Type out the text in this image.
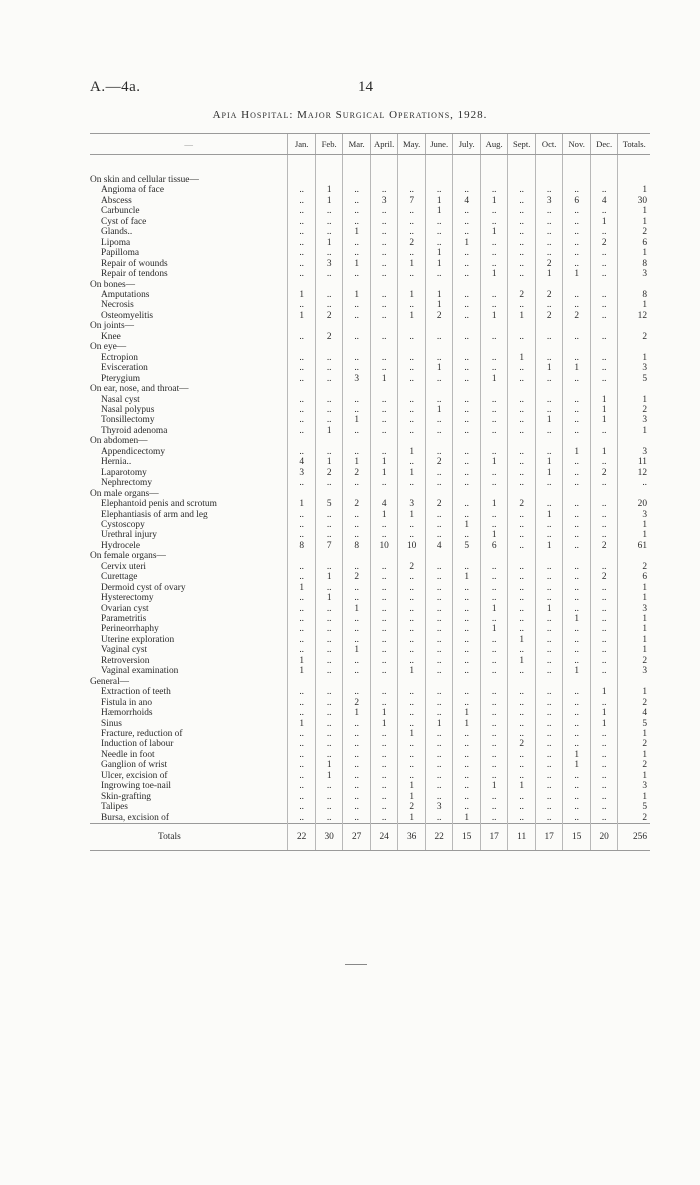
A.—4a.	14
Apia Hospital: Major Surgical Operations, 1928.
—	Jan.	Feb.	Mar.	April.	May.	June.	July.	Aug.	Sept.	Oct.	Nov.	Dec.	Totals.

On skin and cellular tissue—													
Angioma of face	..	1	..	..	..	..	..	..	..	..	..	..	1
Abscess	..	1	..	3	7	1	4	1	..	3	6	4	30
Carbuncle	..	..	..	..	..	1	..	..	..	..	..	..	1
Cyst of face	..	..	..	..	..	..	..	..	..	..	..	1	1
Glands..	..	..	1	..	..	..	..	1	..	..	..	..	2
Lipoma	..	1	..	..	2	..	1	..	..	..	..	2	6
Papilloma	..	..	..	..	..	1	..	..	..	..	..	..	1
Repair of wounds	..	3	1	..	1	1	..	..	..	2	..	..	8
Repair of tendons	..	..	..	..	..	..	..	1	..	1	1	..	3
On bones—													
Amputations	1	..	1	..	1	1	..	..	2	2	..	..	8
Necrosis	..	..	..	..	..	1	..	..	..	..	..	..	1
Osteomyelitis	1	2	..	..	1	2	..	1	1	2	2	..	12
On joints—													
Knee	..	2	..	..	..	..	..	..	..	..	..	..	2
On eye—													
Ectropion	..	..	..	..	..	..	..	..	1	..	..	..	1
Evisceration	..	..	..	..	..	1	..	..	..	1	1	..	3
Pterygium	..	..	3	1	..	..	..	1	..	..	..	..	5
On ear, nose, and throat—													
Nasal cyst	..	..	..	..	..	..	..	..	..	..	..	1	1
Nasal polypus	..	..	..	..	..	1	..	..	..	..	..	1	2
Tonsillectomy	..	..	1	..	..	..	..	..	..	1	..	1	3
Thyroid adenoma	..	1	..	..	..	..	..	..	..	..	..	..	1
On abdomen—													
Appendicectomy	..	..	..	..	1	..	..	..	..	..	1	1	3
Hernia..	4	1	1	1	..	2	..	1	..	1	..	..	11
Laparotomy	3	2	2	1	1	..	..	..	..	1	..	2	12
Nephrectomy	..	..	..	..	..	..	..	..	..	..	..	..	..
On male organs—													
Elephantoid penis and scrotum	1	5	2	4	3	2	..	1	2	..	..	..	20
Elephantiasis of arm and leg	..	..	..	1	1	..	..	..	..	1	..	..	3
Cystoscopy	..	..	..	..	..	..	1	..	..	..	..	..	1
Urethral injury	..	..	..	..	..	..	..	1	..	..	..	..	1
Hydrocele	8	7	8	10	10	4	5	6	..	1	..	2	61
On female organs—													
Cervix uteri	..	..	..	..	2	..	..	..	..	..	..	..	2
Curettage	..	1	2	..	..	..	1	..	..	..	..	2	6
Dermoid cyst of ovary	1	..	..	..	..	..	..	..	..	..	..	..	1
Hysterectomy	..	1	..	..	..	..	..	..	..	..	..	..	1
Ovarian cyst	..	..	1	..	..	..	..	1	..	1	..	..	3
Parametritis	..	..	..	..	..	..	..	..	..	..	1	..	1
Perineorrhaphy	..	..	..	..	..	..	..	1	..	..	..	..	1
Uterine exploration	..	..	..	..	..	..	..	..	1	..	..	..	1
Vaginal cyst	..	..	1	..	..	..	..	..	..	..	..	..	1
Retroversion	1	..	..	..	..	..	..	..	1	..	..	..	2
Vaginal examination	1	..	..	..	1	..	..	..	..	..	1	..	3
General—													
Extraction of teeth	..	..	..	..	..	..	..	..	..	..	..	1	1
Fistula in ano	..	..	2	..	..	..	..	..	..	..	..	..	2
Hæmorrhoids	..	..	1	1	..	..	1	..	..	..	..	1	4
Sinus	1	..	..	1	..	1	1	..	..	..	..	1	5
Fracture, reduction of	..	..	..	..	1	..	..	..	..	..	..	..	1
Induction of labour	..	..	..	..	..	..	..	..	2	..	..	..	2
Needle in foot	..	..	..	..	..	..	..	..	..	..	1	..	1
Ganglion of wrist	..	1	..	..	..	..	..	..	..	..	1	..	2
Ulcer, excision of	..	1	..	..	..	..	..	..	..	..	..	..	1
Ingrowing toe-nail	..	..	..	..	1	..	..	1	1	..	..	..	3
Skin-grafting	..	..	..	..	1	..	..	..	..	..	..	..	1
Talipes	..	..	..	..	2	3	..	..	..	..	..	..	5
Bursa, excision of	..	..	..	..	1	..	1	..	..	..	..	..	2
Totals	22	30	27	24	36	22	15	17	11	17	15	20	256
